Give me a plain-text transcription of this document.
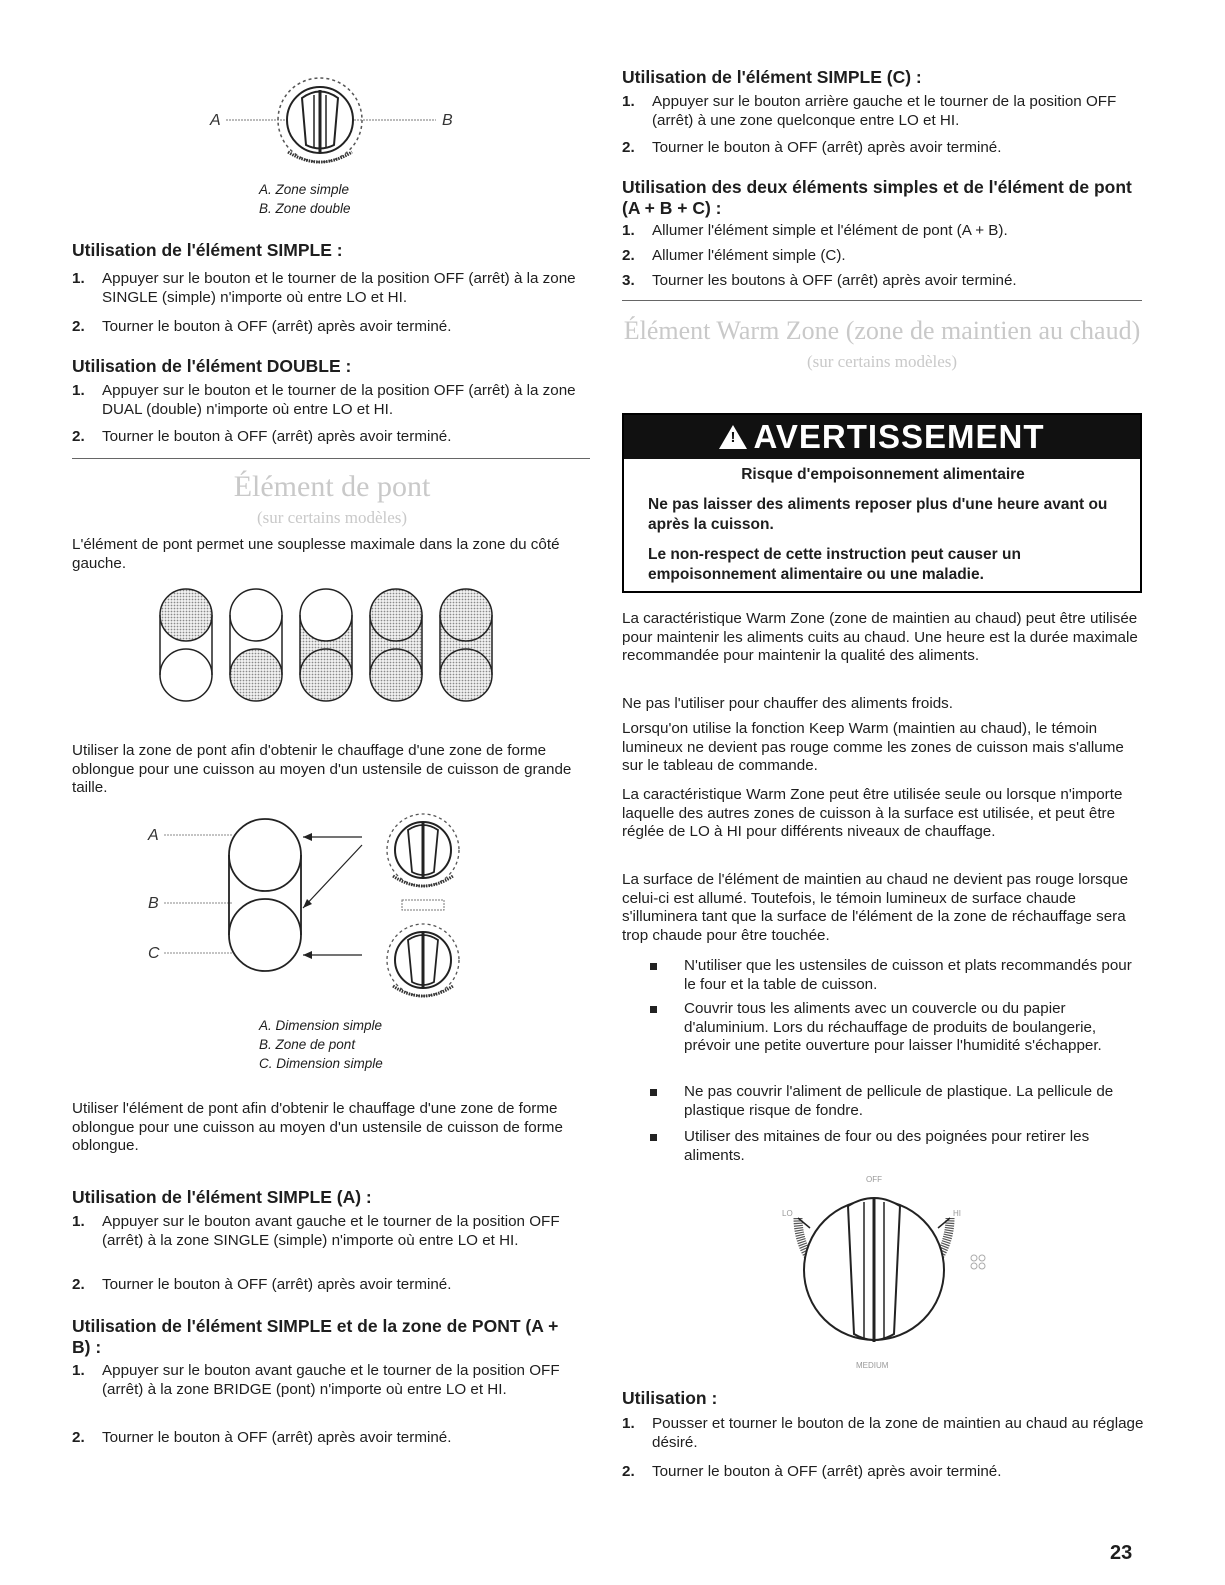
A	B
A. Zone simple
B. Zone double
Utilisation de l'élément SIMPLE :
1.	Appuyer sur le bouton et le tourner de la position OFF (arrêt) à la zone SINGLE (simple) n'importe où entre LO et HI.
2.	Tourner le bouton à OFF (arrêt) après avoir terminé.
Utilisation de l'élément DOUBLE :
1.	Appuyer sur le bouton et le tourner de la position OFF (arrêt) à la zone DUAL (double) n'importe où entre LO et HI.
2.	Tourner le bouton à OFF (arrêt) après avoir terminé.
Élément de pont
(sur certains modèles)
L'élément de pont permet une souplesse maximale dans la zone du côté gauche.
Utiliser la zone de pont afin d'obtenir le chauffage d'une zone de forme oblongue pour une cuisson au moyen d'un ustensile de cuisson de grande taille.
A
B
C
A. Dimension simple
B. Zone de pont
C. Dimension simple
Utiliser l'élément de pont afin d'obtenir le chauffage d'une zone de forme oblongue pour une cuisson au moyen d'un ustensile de cuisson de forme oblongue.
Utilisation de l'élément SIMPLE (A) :
1.	Appuyer sur le bouton avant gauche et le tourner de la position OFF (arrêt) à la zone SINGLE (simple) n'importe où entre LO et HI.
2.	Tourner le bouton à OFF (arrêt) après avoir terminé.
Utilisation de l'élément SIMPLE et de la zone de PONT (A + B) :
1.	Appuyer sur le bouton avant gauche et le tourner de la position OFF (arrêt) à la zone BRIDGE (pont) n'importe où entre LO et HI.
2.	Tourner le bouton à OFF (arrêt) après avoir terminé.
Utilisation de l'élément SIMPLE (C) :
1.	Appuyer sur le bouton arrière gauche et le tourner de la position OFF (arrêt) à une zone quelconque entre LO et HI.
2.	Tourner le bouton à OFF (arrêt) après avoir terminé.
Utilisation des deux éléments simples et de l'élément de pont (A + B + C) :
1.	Allumer l'élément simple et l'élément de pont (A + B).
2.	Allumer l'élément simple (C).
3.	Tourner les boutons à OFF (arrêt) après avoir terminé.
Élément Warm Zone (zone de maintien au chaud)
(sur certains modèles)
!
AVERTISSEMENT
Risque d'empoisonnement alimentaire
Ne pas laisser des aliments reposer plus d'une heure avant ou après la cuisson.
Le non-respect de cette instruction peut causer un empoisonnement alimentaire ou une maladie.
La caractéristique Warm Zone (zone de maintien au chaud) peut être utilisée pour maintenir les aliments cuits au chaud. Une heure est la durée maximale recommandée pour maintenir la qualité des aliments.
Ne pas l'utiliser pour chauffer des aliments froids.
Lorsqu'on utilise la fonction Keep Warm (maintien au chaud), le témoin lumineux ne devient pas rouge comme les zones de cuisson mais s'allume sur le tableau de commande.
La caractéristique Warm Zone peut être utilisée seule ou lorsque n'importe laquelle des autres zones de cuisson à la surface est utilisée, et peut être réglée de LO à HI pour différents niveaux de chauffage.
La surface de l'élément de maintien au chaud ne devient pas rouge lorsque celui-ci est allumé. Toutefois, le témoin lumineux de surface chaude s'illuminera tant que la surface de l'élément de la zone de réchauffage sera trop chaude pour être touchée.
N'utiliser que les ustensiles de cuisson et plats recommandés pour le four et la table de cuisson.
Couvrir tous les aliments avec un couvercle ou du papier d'aluminium. Lors du réchauffage de produits de boulangerie, prévoir une petite ouverture pour laisser l'humidité s'échapper.
Ne pas couvrir l'aliment de pellicule de plastique. La pellicule de plastique risque de fondre.
Utiliser des mitaines de four ou des poignées pour retirer les aliments.
OFF
LO	HI
MEDIUM
Utilisation :
1.	Pousser et tourner le bouton de la zone de maintien au chaud au réglage désiré.
2.	Tourner le bouton à OFF (arrêt) après avoir terminé.
23
